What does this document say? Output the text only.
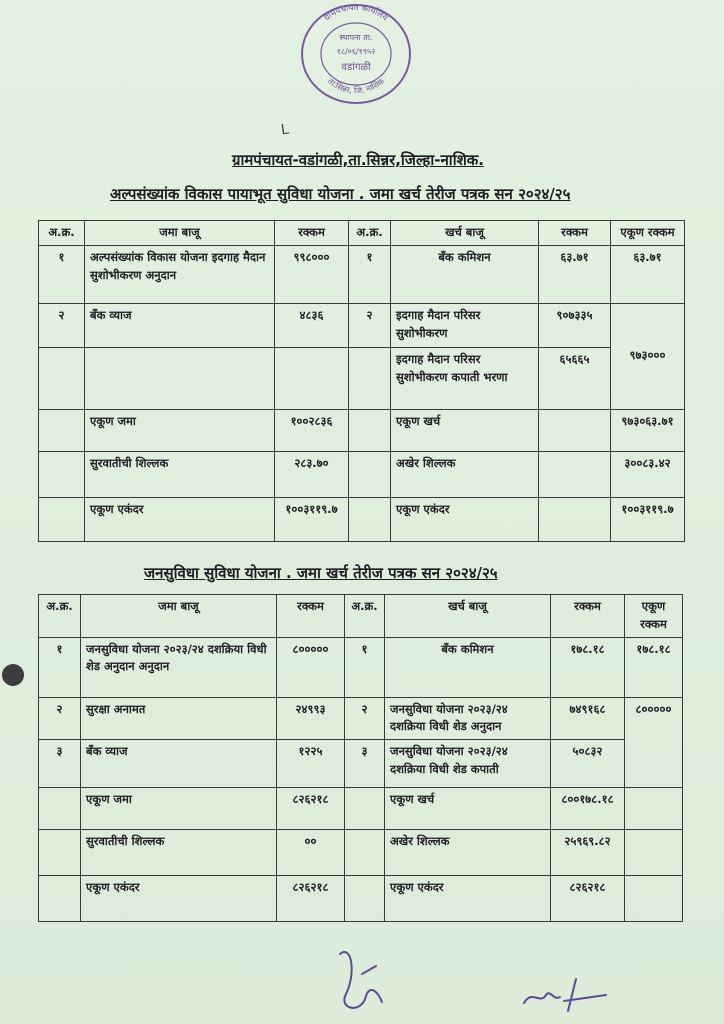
ग्रामपंचायत कार्यालय
ता.सिन्नर, जि. नाशिक
स्थापना ता.
१८/०६/१९५२
वडांगळी
L
ग्रामपंचायत-वडांगळी,ता.सिन्नर,जिल्हा-नाशिक.
अल्पसंख्यांक विकास पायाभूत सुविधा योजना . जमा खर्च तेरीज पत्रक सन २०२४/२५
अ.क्र.	जमा बाजू	रक्कम	अ.क्र.	खर्च बाजू	रक्कम	एकूण रक्कम
१	अल्पसंख्यांक विकास योजना इदगाह मैदान सुशोभीकरण अनुदान	९९८०००	१	बँक कमिशन	६३.७१	६३.७१
२	बँक व्याज	४८३६	२	इदगाह मैदान परिसर सुशोभीकरण	९०७३३५	९७३०००
				इदगाह मैदान परिसर सुशोभीकरण कपाती भरणा	६५६६५	
	एकूण जमा	१००२८३६		एकूण खर्च		९७३०६३.७१
	सुरवातीची शिल्लक	२८३.७०		अखेर शिल्लक		३००८३.४२
	एकूण एकंदर	१००३११९.७		एकूण एकंदर		१००३११९.७
जनसुविधा सुविधा योजना . जमा खर्च तेरीज पत्रक सन २०२४/२५
अ.क्र.	जमा बाजू	रक्कम	अ.क्र.	खर्च बाजू	रक्कम	एकूण रक्कम
१	जनसुविधा योजना २०२३/२४ दशक्रिया विधी शेड अनुदान अनुदान	८०००००	१	बँक कमिशन	१७८.१८	१७८.१८
२	सुरक्षा अनामत	२४९९३	२	जनसुविधा योजना २०२३/२४ दशक्रिया विधी शेड अनुदान	७४९१६८	८०००००
३	बँक व्याज	१२२५	३	जनसुविधा योजना २०२३/२४ दशक्रिया विधी शेड कपाती	५०८३२	
	एकूण जमा	८२६२१८		एकूण खर्च	८००१७८.१८	
	सुरवातीची शिल्लक	००		अखेर शिल्लक	२५९६९.८२	
	एकूण एकंदर	८२६२१८		एकूण एकंदर	८२६२१८	
